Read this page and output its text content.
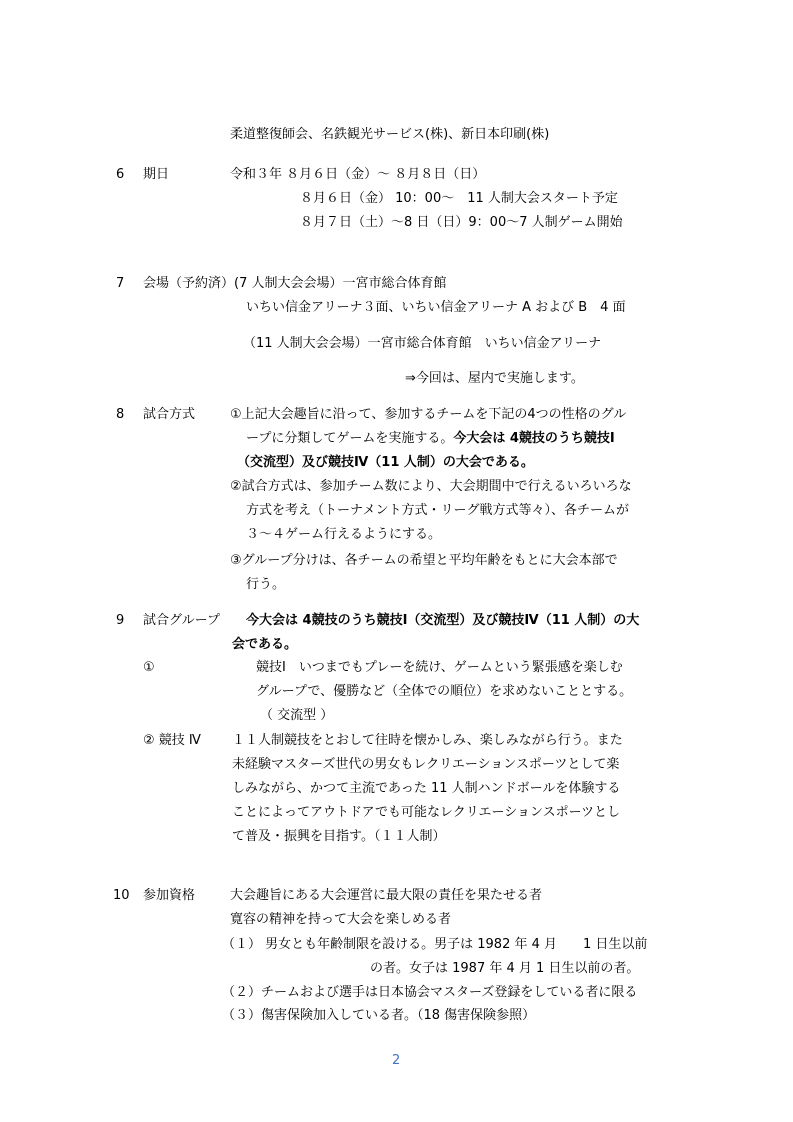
柔道整復師会、名鉄観光サービス(株)、新日本印刷(株)
6 期日	令和３年 ８月６日（金）～ ８月８日（日）
８月６日（金） 10：00～　11 人制大会スタート予定
８月７日（土）～8 日（日）9：00～7 人制ゲーム開始
7 会場（予約済）(7 人制大会会場）一宮市総合体育館
いちい信金アリーナ３面、いちい信金アリーナ A および B　4 面
（11 人制大会会場）一宮市総合体育館　いちい信金アリーナ
⇒今回は、屋内で実施します。
8 試合方式	①上記大会趣旨に沿って、参加するチームを下記の4つの性格のグル
ープに分類してゲームを実施する。今大会は 4競技のうち競技Ⅰ
（交流型）及び競技Ⅳ（11 人制）の大会である。
②試合方式は、参加チーム数により、大会期間中で行えるいろいろな
方式を考え（トーナメント方式・リーグ戦方式等々）、各チームが
３～４ゲーム行えるようにする。
③グループ分けは、各チームの希望と平均年齢をもとに大会本部で
行う。
9 試合グループ 今大会は 4競技のうち競技Ⅰ（交流型）及び競技Ⅳ（11 人制）の大
会である。
①	競技Ⅰ　いつまでもプレーを続け、ゲームという緊張感を楽しむ
グループで、優勝など（全体での順位）を求めないこととする。
（ 交流型 ）
② 競技 Ⅳ １１人制競技をとおして往時を懐かしみ、楽しみながら行う。また
未経験マスターズ世代の男女もレクリエーションスポーツとして楽
しみながら、かつて主流であった 11 人制ハンドボールを体験する
ことによってアウトドアでも可能なレクリエーションスポーツとし
て普及・振興を目指す。（１１人制）
10 参加資格	大会趣旨にある大会運営に最大限の責任を果たせる者
寛容の精神を持って大会を楽しめる者
（１） 男女とも年齢制限を設ける。男子は 1982 年 4 月　　1 日生以前
の者。女子は 1987 年 4 月 1 日生以前の者。
（２）チームおよび選手は日本協会マスターズ登録をしている者に限る
（３）傷害保険加入している者。（18 傷害保険参照）
2
